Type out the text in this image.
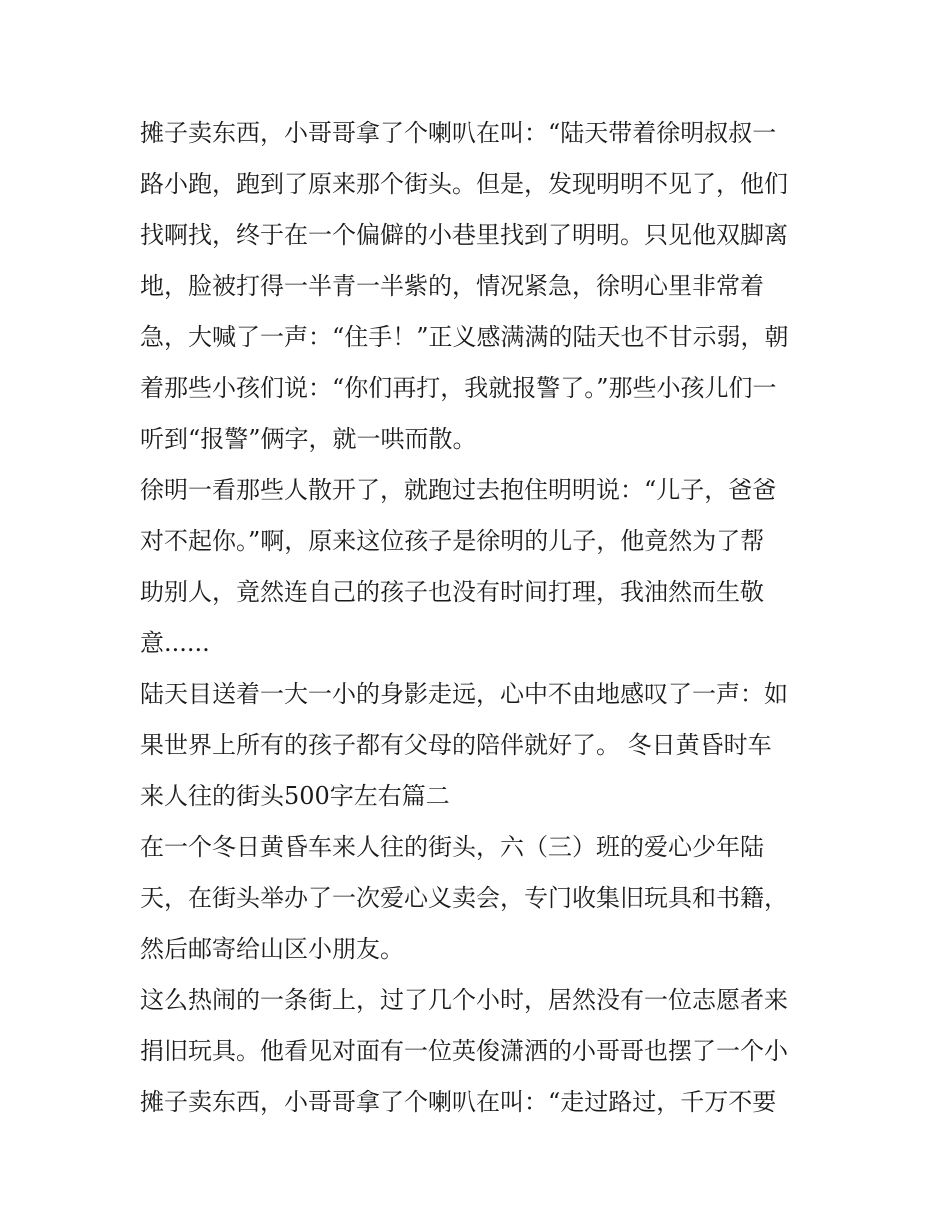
摊子卖东西，小哥哥拿了个喇叭在叫：“陆天带着徐明叔叔一
路小跑，跑到了原来那个街头。但是，发现明明不见了，他们
找啊找，终于在一个偏僻的小巷里找到了明明。只见他双脚离
地，脸被打得一半青一半紫的，情况紧急，徐明心里非常着
急，大喊了一声：“住手！”正义感满满的陆天也不甘示弱，朝
着那些小孩们说：“你们再打，我就报警了。”那些小孩儿们一
听到“报警”俩字，就一哄而散。
徐明一看那些人散开了，就跑过去抱住明明说：“儿子，爸爸
对不起你。”啊，原来这位孩子是徐明的儿子，他竟然为了帮
助别人，竟然连自己的孩子也没有时间打理，我油然而生敬
意......
陆天目送着一大一小的身影走远，心中不由地感叹了一声：如
果世界上所有的孩子都有父母的陪伴就好了。 冬日黄昏时车
来人往的街头500字左右篇二
在一个冬日黄昏车来人往的街头，六（三）班的爱心少年陆
天，在街头举办了一次爱心义卖会，专门收集旧玩具和书籍，
然后邮寄给山区小朋友。
这么热闹的一条街上，过了几个小时，居然没有一位志愿者来
捐旧玩具。他看见对面有一位英俊潇洒的小哥哥也摆了一个小
摊子卖东西，小哥哥拿了个喇叭在叫：“走过路过，千万不要
